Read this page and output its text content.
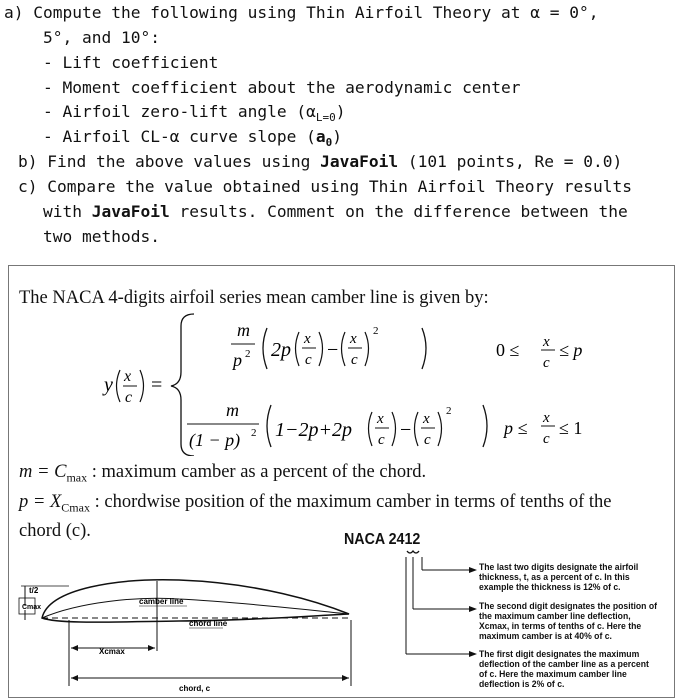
a) Compute the following using Thin Airfoil Theory at α = 0°,
5°, and 10°:
- Lift coefficient
- Moment coefficient about the aerodynamic center
- Airfoil zero-lift angle $(\alpha_{L=0})$
- Airfoil CL-α curve slope $(a_0)$
b) Find the above values using JavaFoil (101 points, Re = 0.0)
c) Compare the value obtained using Thin Airfoil Theory results
with JavaFoil results. Comment on the difference between the
two methods.
The NACA 4-digits airfoil series mean camber line is given by:
y x
c
=
m
p 2 2p x
c − x
c
2
0 ≤ x
c
≤ p
m
(1 − p) 2 1−2p+2p x
c − x
c
2
p ≤ x
c
≤ 1
$m = C_{max}$ : maximum camber as a percent of the chord.
$p = X_{Cmax}$ : chordwise position of the maximum camber in terms of tenths of the
chord (c).	NACA 2412
t/2
Cmax
camber line
chord line
Xcmax
chord, c
The last two digits designate the airfoil thickness, t, as a percent of c. In this example the thickness is 12% of c.
The second digit designates the position of the maximum camber line deflection, Xcmax, in terms of tenths of c. Here the maximum camber is at 40% of c.
The first digit designates the maximum deflection of the camber line as a percent of c. Here the maximum camber line deflection is 2% of c.
